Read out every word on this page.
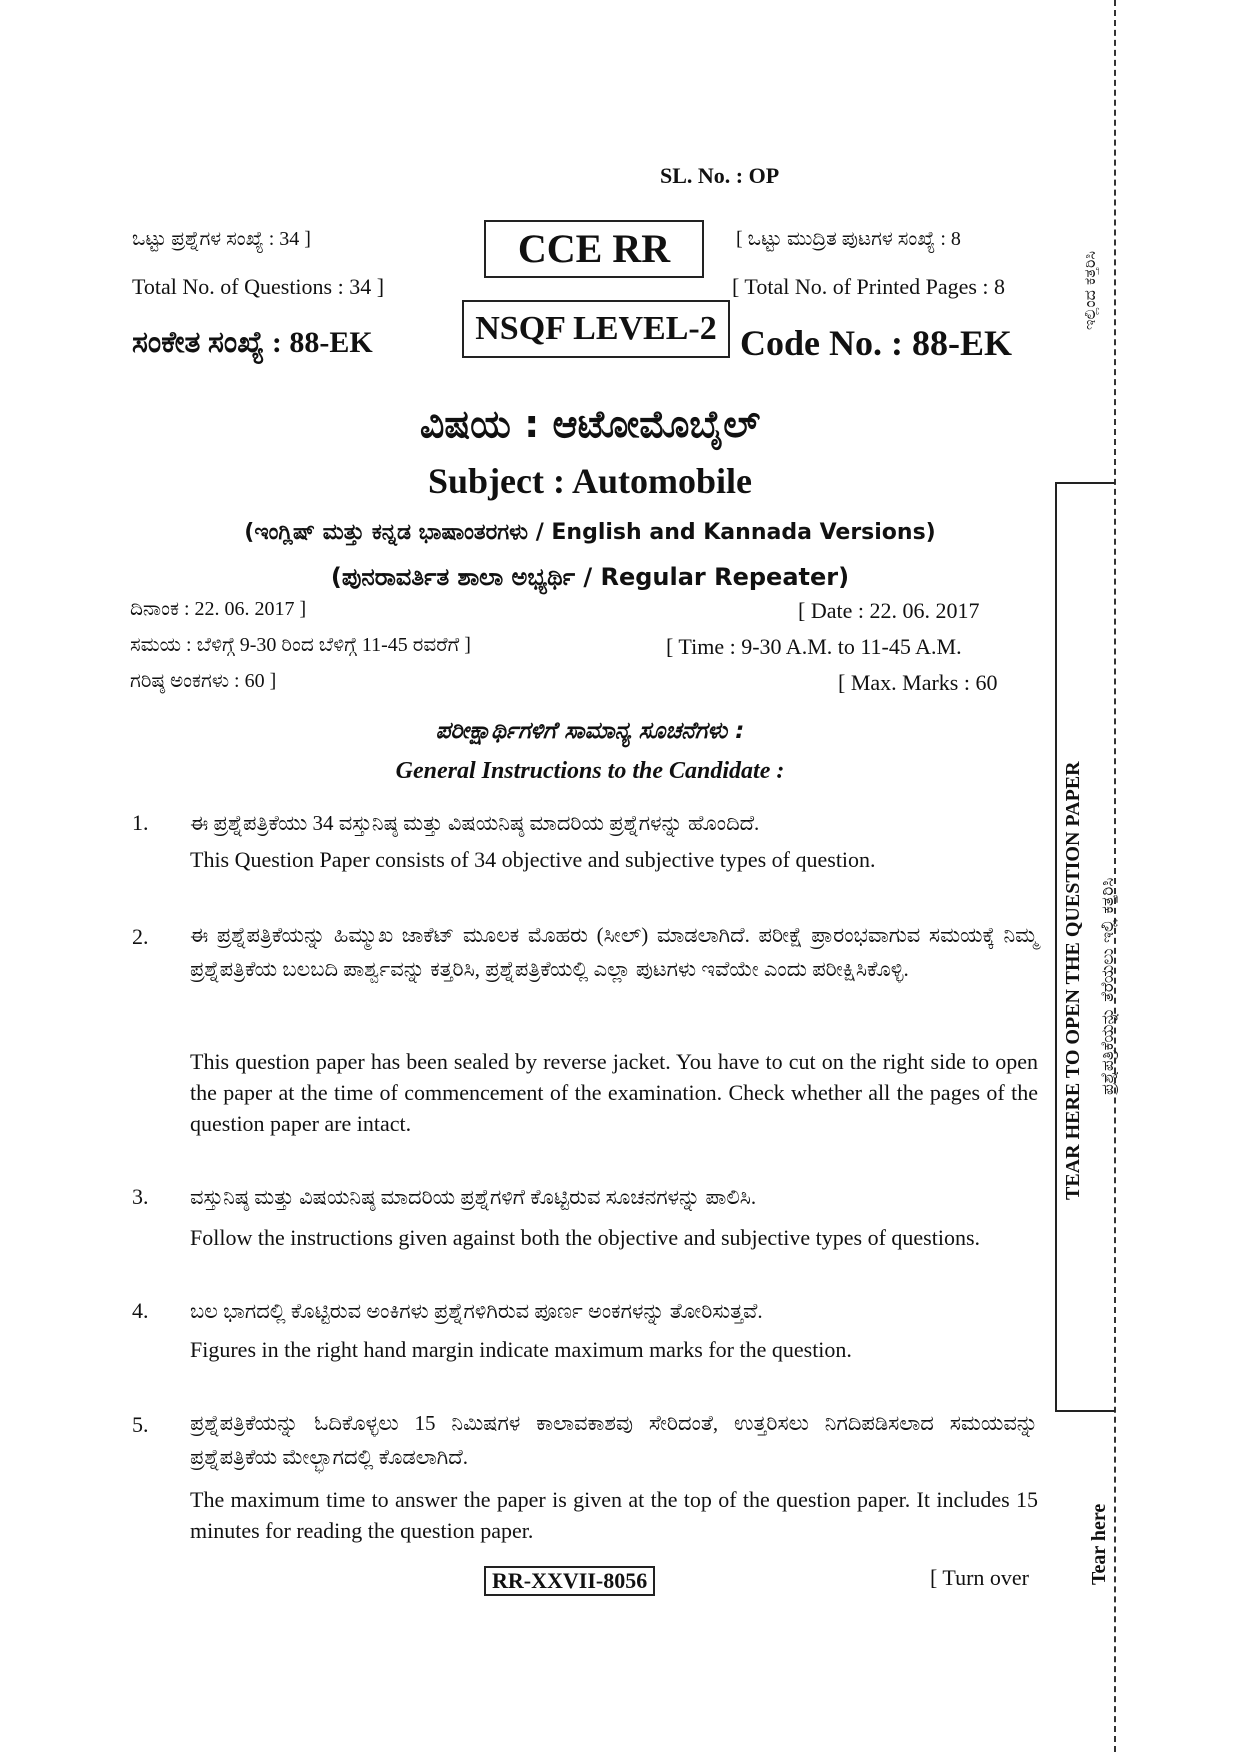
SL. No. : OP
ಒಟ್ಟು ಪ್ರಶ್ನೆಗಳ ಸಂಖ್ಯೆ : 34 ]
Total No. of Questions : 34 ]
CCE RR
NSQF LEVEL-2
[ ಒಟ್ಟು ಮುದ್ರಿತ ಪುಟಗಳ ಸಂಖ್ಯೆ : 8
[ Total No. of Printed Pages : 8
ಸಂಕೇತ ಸಂಖ್ಯೆ : 88-EK	Code No. : 88-EK
ವಿಷಯ : ಆಟೋಮೊಬೈಲ್
Subject : Automobile
(ಇಂಗ್ಲಿಷ್ ಮತ್ತು ಕನ್ನಡ ಭಾಷಾಂತರಗಳು / English and Kannada Versions)
(ಪುನರಾವರ್ತಿತ ಶಾಲಾ ಅಭ್ಯರ್ಥಿ / Regular Repeater)
ದಿನಾಂಕ : 22. 06. 2017 ]	[ Date : 22. 06. 2017
ಸಮಯ : ಬೆಳಿಗ್ಗೆ 9-30 ರಿಂದ ಬೆಳಿಗ್ಗೆ 11-45 ರವರೆಗೆ ]	[ Time : 9-30 A.M. to 11-45 A.M.
ಗರಿಷ್ಠ ಅಂಕಗಳು : 60 ]	[ Max. Marks : 60
ಪರೀಕ್ಷಾರ್ಥಿಗಳಿಗೆ ಸಾಮಾನ್ಯ ಸೂಚನೆಗಳು :
General Instructions to the Candidate :
1. ಈ ಪ್ರಶ್ನೆಪತ್ರಿಕೆಯು 34 ವಸ್ತುನಿಷ್ಠ ಮತ್ತು ವಿಷಯನಿಷ್ಠ ಮಾದರಿಯ ಪ್ರಶ್ನೆಗಳನ್ನು ಹೊಂದಿದೆ.
This Question Paper consists of 34 objective and subjective types of question.
2. ಈ ಪ್ರಶ್ನೆಪತ್ರಿಕೆಯನ್ನು ಹಿಮ್ಮುಖ ಜಾಕೆಟ್ ಮೂಲಕ ಮೊಹರು (ಸೀಲ್) ಮಾಡಲಾಗಿದೆ. ಪರೀಕ್ಷೆ ಪ್ರಾರಂಭವಾಗುವ ಸಮಯಕ್ಕೆ ನಿಮ್ಮ ಪ್ರಶ್ನೆಪತ್ರಿಕೆಯ ಬಲಬದಿ ಪಾರ್ಶ್ವವನ್ನು ಕತ್ತರಿಸಿ, ಪ್ರಶ್ನೆಪತ್ರಿಕೆಯಲ್ಲಿ ಎಲ್ಲಾ ಪುಟಗಳು ಇವೆಯೇ ಎಂದು ಪರೀಕ್ಷಿಸಿಕೊಳ್ಳಿ.
This question paper has been sealed by reverse jacket. You have to cut on the right side to open the paper at the time of commencement of the examination. Check whether all the pages of the question paper are intact.
3. ವಸ್ತುನಿಷ್ಠ ಮತ್ತು ವಿಷಯನಿಷ್ಠ ಮಾದರಿಯ ಪ್ರಶ್ನೆಗಳಿಗೆ ಕೊಟ್ಟಿರುವ ಸೂಚನಗಳನ್ನು ಪಾಲಿಸಿ.
Follow the instructions given against both the objective and subjective types of questions.
4. ಬಲ ಭಾಗದಲ್ಲಿ ಕೊಟ್ಟಿರುವ ಅಂಕಿಗಳು ಪ್ರಶ್ನೆಗಳಿಗಿರುವ ಪೂರ್ಣ ಅಂಕಗಳನ್ನು ತೋರಿಸುತ್ತವೆ.
Figures in the right hand margin indicate maximum marks for the question.
5. ಪ್ರಶ್ನೆಪತ್ರಿಕೆಯನ್ನು ಓದಿಕೊಳ್ಳಲು 15 ನಿಮಿಷಗಳ ಕಾಲಾವಕಾಶವು ಸೇರಿದಂತೆ, ಉತ್ತರಿಸಲು ನಿಗದಿಪಡಿಸಲಾದ ಸಮಯವನ್ನು ಪ್ರಶ್ನೆಪತ್ರಿಕೆಯ ಮೇಲ್ಭಾಗದಲ್ಲಿ ಕೊಡಲಾಗಿದೆ.
The maximum time to answer the paper is given at the top of the question paper. It includes 15 minutes for reading the question paper.
RR-XXVII-8056	[ Turn over
ಇಲ್ಲಿಂದ ಕತ್ತರಿಸಿ
TEAR HERE TO OPEN THE QUESTION PAPER ಪ್ರಶ್ನೆಪತ್ರಿಕೆಯನ್ನು ತೆರೆಯಲು ಇಲ್ಲಿ ಕತ್ತರಿಸಿ
Tear here
